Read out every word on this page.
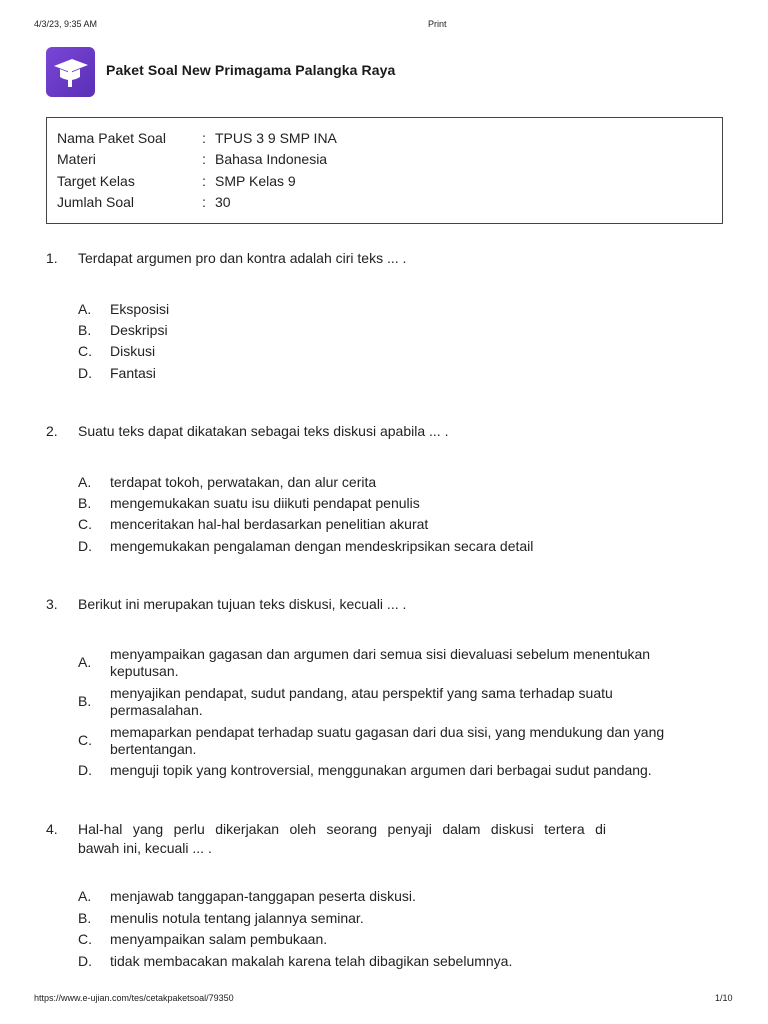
4/3/23, 9:35 AM	Print
Paket Soal New Primagama Palangka Raya
Nama Paket Soal	: TPUS 3 9 SMP INA
Materi	: Bahasa Indonesia
Target Kelas	: SMP Kelas 9
Jumlah Soal	: 30
1. Terdapat argumen pro dan kontra adalah ciri teks ... .
A.	Eksposisi
B.	Deskripsi
C.	Diskusi
D.	Fantasi
2. Suatu teks dapat dikatakan sebagai teks diskusi apabila ... .
A.	terdapat tokoh, perwatakan, dan alur cerita
B.	mengemukakan suatu isu diikuti pendapat penulis
C.	menceritakan hal-hal berdasarkan penelitian akurat
D.	mengemukakan pengalaman dengan mendeskripsikan secara detail
3. Berikut ini merupakan tujuan teks diskusi, kecuali ... .
A.	menyampaikan gagasan dan argumen dari semua sisi dievaluasi sebelum menentukan
keputusan.
B.	menyajikan pendapat, sudut pandang, atau perspektif yang sama terhadap suatu
permasalahan.
C.	memaparkan pendapat terhadap suatu gagasan dari dua sisi, yang mendukung dan yang
bertentangan.
D.	menguji topik yang kontroversial, menggunakan argumen dari berbagai sudut pandang.
4. Hal-hal yang perlu dikerjakan oleh seorang penyaji dalam diskusi tertera di
bawah ini, kecuali ... .
A.	menjawab tanggapan-tanggapan peserta diskusi.
B.	menulis notula tentang jalannya seminar.
C.	menyampaikan salam pembukaan.
D.	tidak membacakan makalah karena telah dibagikan sebelumnya.
https://www.e-ujian.com/tes/cetakpaketsoal/79350	1/10
